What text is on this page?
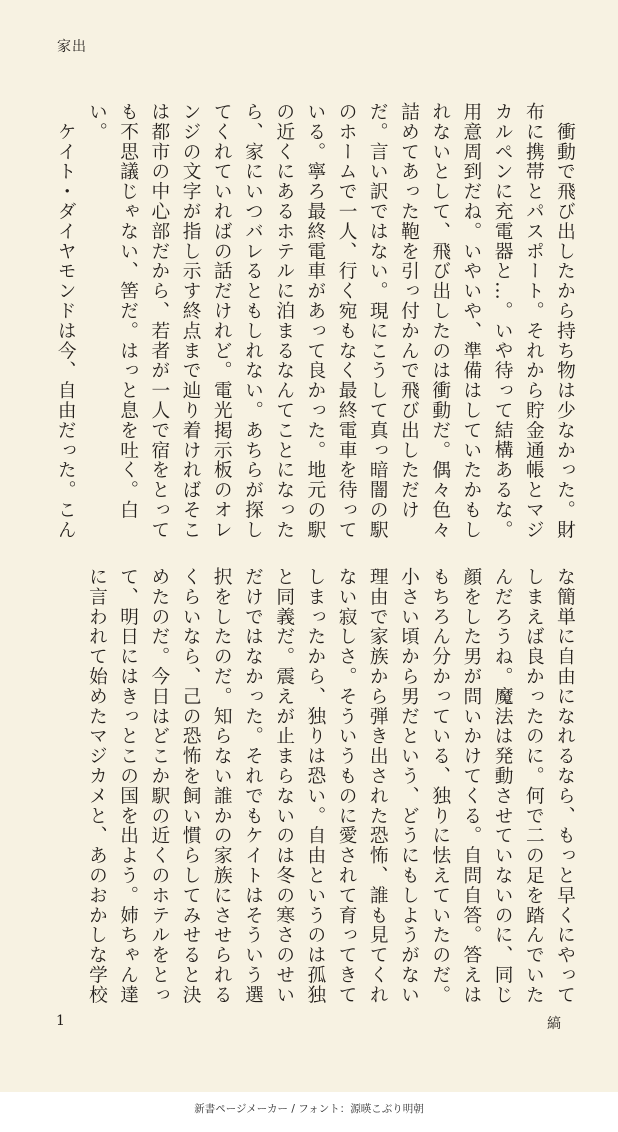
家出

　衝動で飛び出したから持ち物は少なかった。財布に携帯とパスポート。それから貯金通帳とマジカルペンに充電器と…。いや待って結構あるな。用意周到だね。いやいや、準備はしていたかもしれないとして、飛び出したのは衝動だ。偶々色々詰めてあった鞄を引っ付かんで飛び出しただけだ。言い訳ではない。現にこうして真っ暗闇の駅のホームで一人、行く宛もなく最終電車を待っている。寧ろ最終電車があって良かった。地元の駅の近くにあるホテルに泊まるなんてことになったら、家にいつバレるともしれない。あちらが探してくれていればの話だけれど。電光掲示板のオレンジの文字が指し示す終点まで辿り着ければそこは都市の中心部だから、若者が一人で宿をとっても不思議じゃない、筈だ。はっと息を吐く。白い。

　ケイト・ダイヤモンドは今、自由だった。こん

な簡単に自由になれるなら、もっと早くにやってしまえば良かったのに。何で二の足を踏んでいたんだろうね。魔法は発動させていないのに、同じ顔をした男が問いかけてくる。自問自答。答えはもちろん分かっている、独りに怯えていたのだ。小さい頃から男だという、どうにもしようがない理由で家族から弾き出された恐怖、誰も見てくれない寂しさ。そういうものに愛されて育ってきてしまったから、独りは恐い。自由というのは孤独と同義だ。震えが止まらないのは冬の寒さのせいだけではなかった。それでもケイトはそういう選択をしたのだ。知らない誰かの家族にさせられるくらいなら、己の恐怖を飼い慣らしてみせると決めたのだ。今日はどこか駅の近くのホテルをとって、明日にはきっとこの国を出よう。姉ちゃん達に言われて始めたマジカメと、あのおかしな学校

1	縞
新書ページメーカー / フォント：源暎こぶり明朝
